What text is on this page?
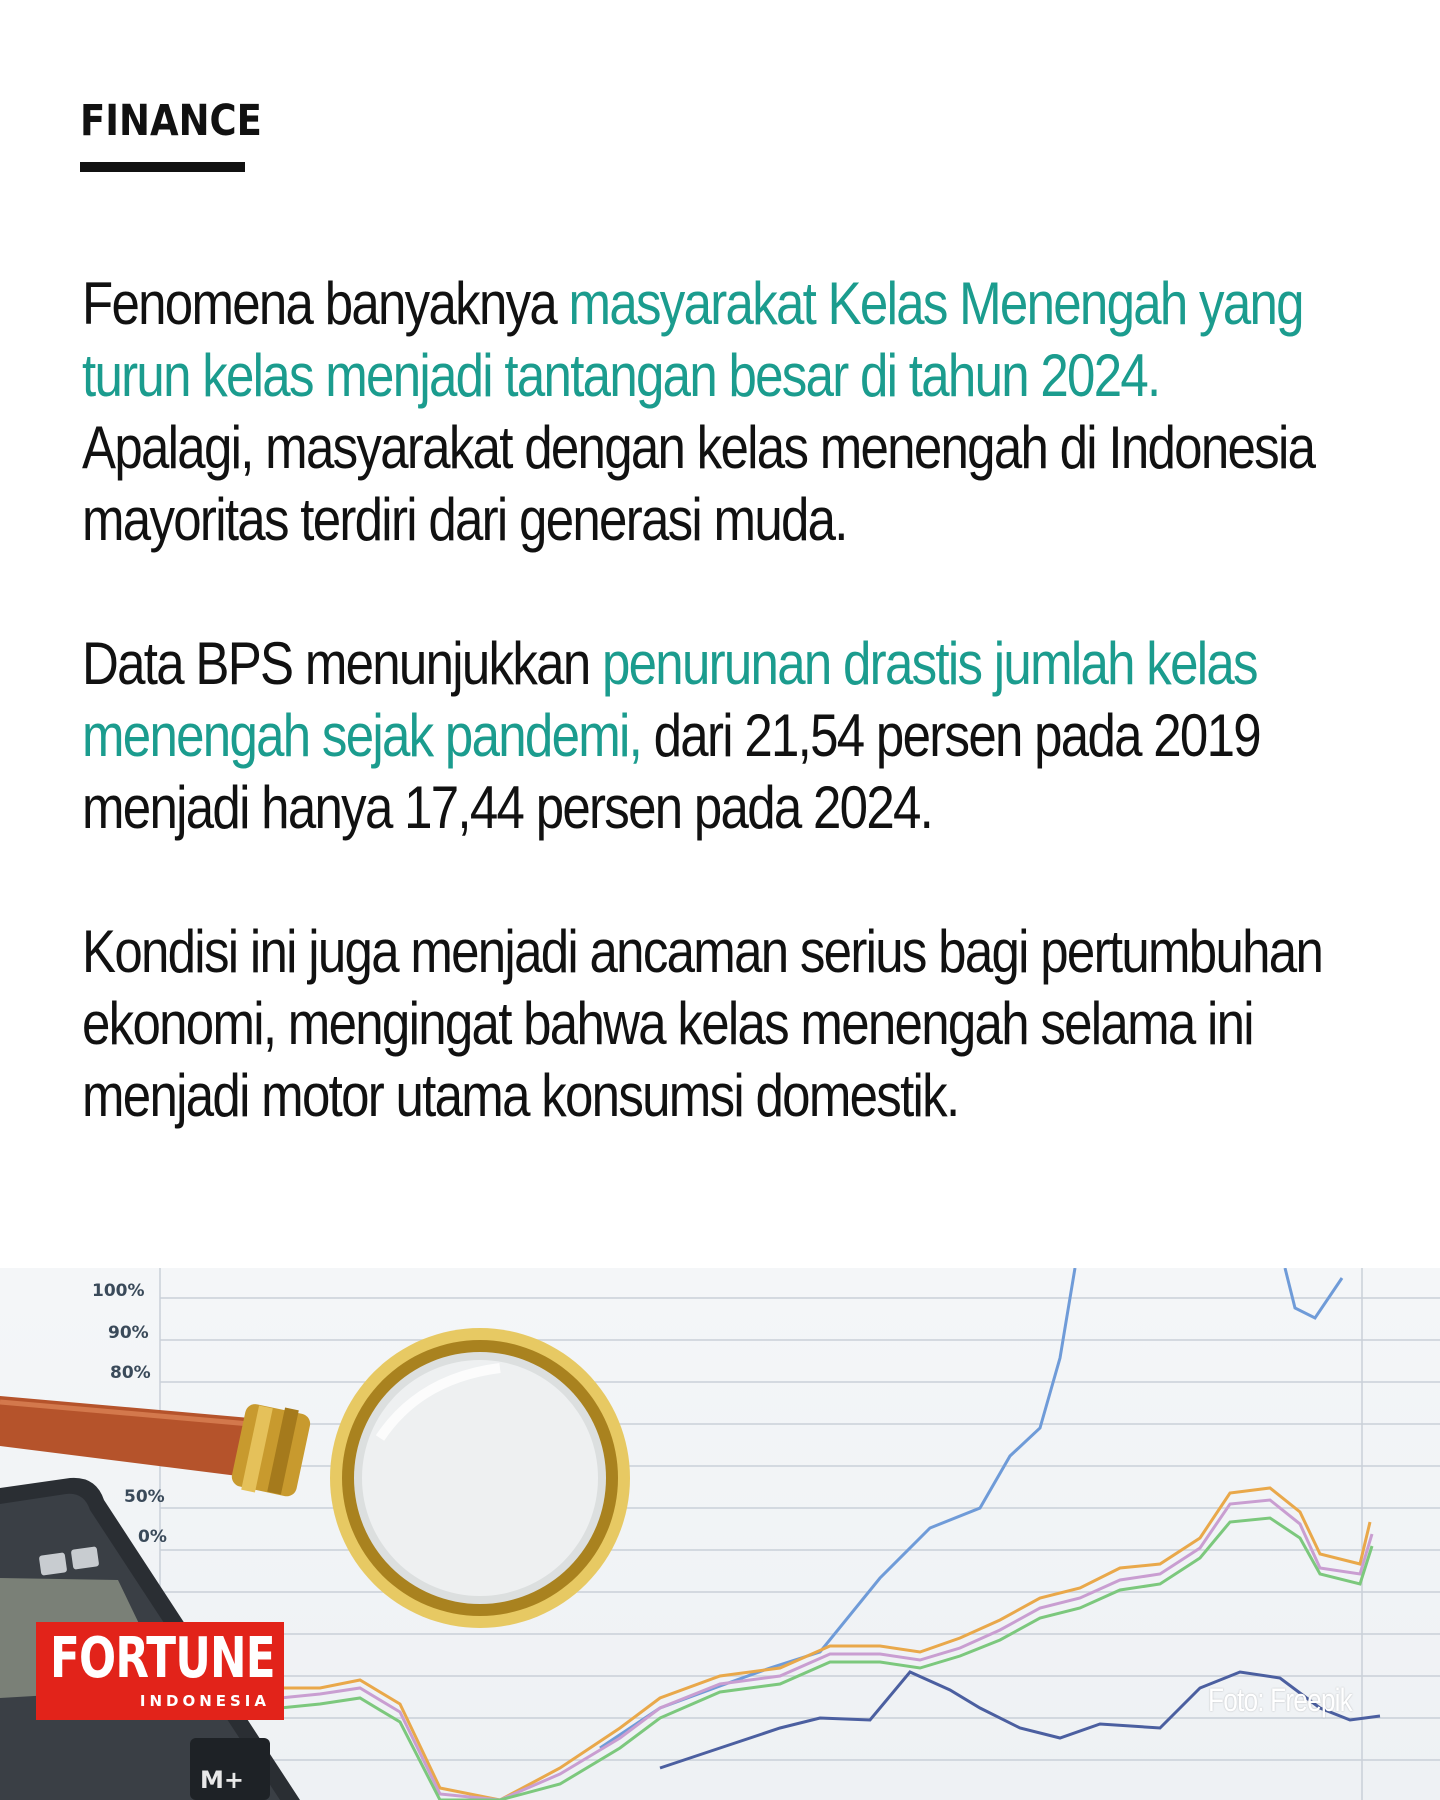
FINANCE

Fenomena banyaknya masyarakat Kelas Menengah yang turun kelas menjadi tantangan besar di tahun 2024. Apalagi, masyarakat dengan kelas menengah di Indonesia mayoritas terdiri dari generasi muda.

Data BPS menunjukkan penurunan drastis jumlah kelas menengah sejak pandemi, dari 21,54 persen pada 2019 menjadi hanya 17,44 persen pada 2024.

Kondisi ini juga menjadi ancaman serius bagi pertumbuhan ekonomi, mengingat bahwa kelas menengah selama ini menjadi motor utama konsumsi domestik.

100%
90%
80%
50%
0%
M+
FORTUNE
INDONESIA	Foto: Freepik
